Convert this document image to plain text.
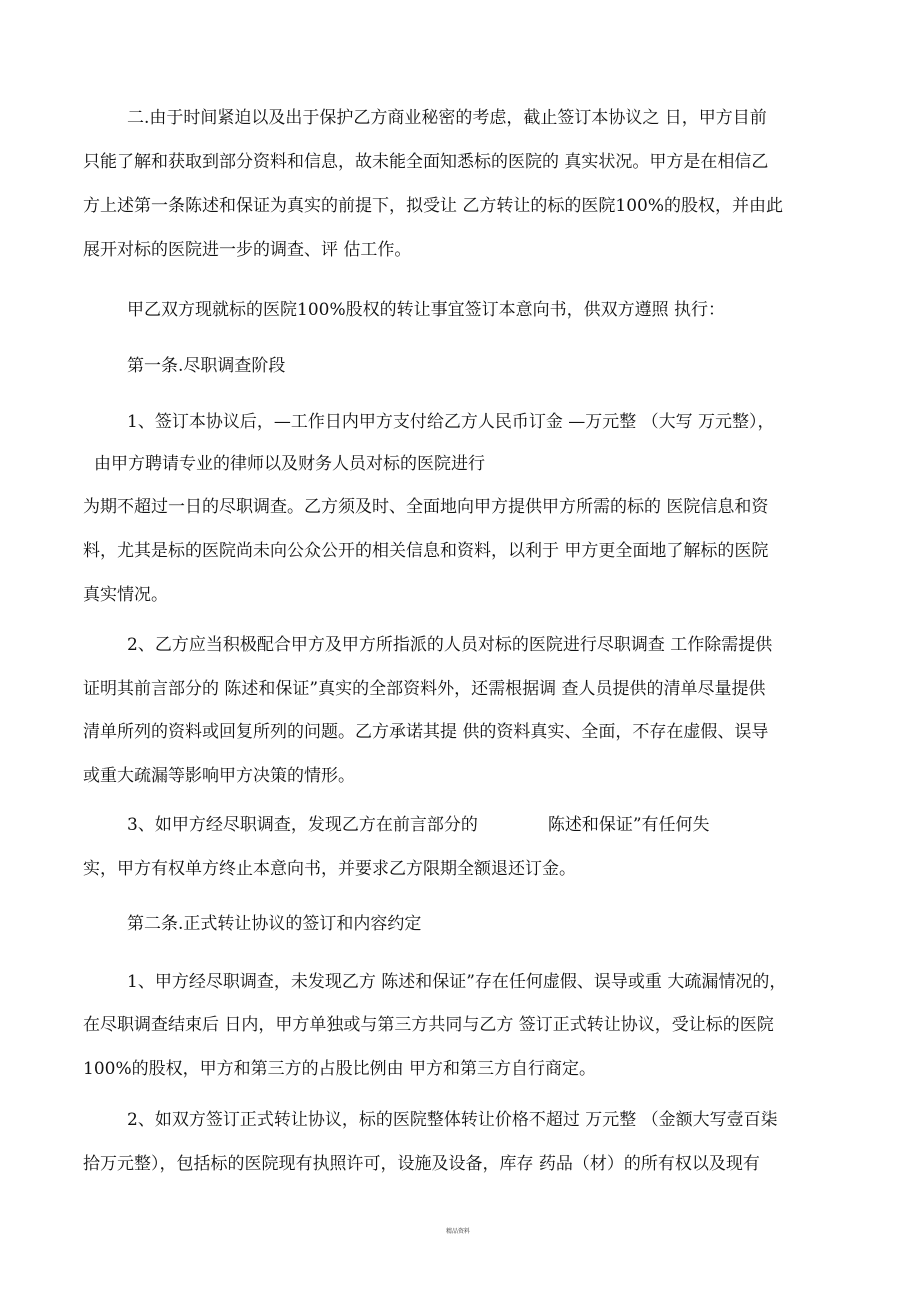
二.由于时间紧迫以及出于保护乙方商业秘密的考虑，截止签订本协议之 日，甲方目前

只能了解和获取到部分资料和信息，故未能全面知悉标的医院的 真实状况。甲方是在相信乙

方上述第一条陈述和保证为真实的前提下，拟受让 乙方转让的标的医院100%的股权，并由此

展开对标的医院进一步的调查、评 估工作。

甲乙双方现就标的医院100%股权的转让事宜签订本意向书，供双方遵照 执行：

第一条.尽职调查阶段

1、签订本协议后，—工作日内甲方支付给乙方人民币订金 —万元整 （大写 万元整），

由甲方聘请专业的律师以及财务人员对标的医院进行

为期不超过一日的尽职调查。乙方须及时、全面地向甲方提供甲方所需的标的 医院信息和资

料，尤其是标的医院尚未向公众公开的相关信息和资料，以利于 甲方更全面地了解标的医院

真实情况。

2、乙方应当积极配合甲方及甲方所指派的人员对标的医院进行尽职调查 工作除需提供

证明其前言部分的 陈述和保证”真实的全部资料外，还需根据调 查人员提供的清单尽量提供

清单所列的资料或回复所列的问题。乙方承诺其提 供的资料真实、全面，不存在虚假、误导

或重大疏漏等影响甲方决策的情形。

3、如甲方经尽职调查，发现乙方在前言部分的	陈述和保证”有任何失

实，甲方有权单方终止本意向书，并要求乙方限期全额退还订金。

第二条.正式转让协议的签订和内容约定

1、甲方经尽职调查，未发现乙方 陈述和保证”存在任何虚假、误导或重 大疏漏情况的，

在尽职调查结束后 日内，甲方单独或与第三方共同与乙方 签订正式转让协议，受让标的医院

100%的股权，甲方和第三方的占股比例由 甲方和第三方自行商定。

2、如双方签订正式转让协议，标的医院整体转让价格不超过 万元整 （金额大写壹百柒

拾万元整），包括标的医院现有执照许可，设施及设备，库存 药品（材）的所有权以及现有

精品资料
